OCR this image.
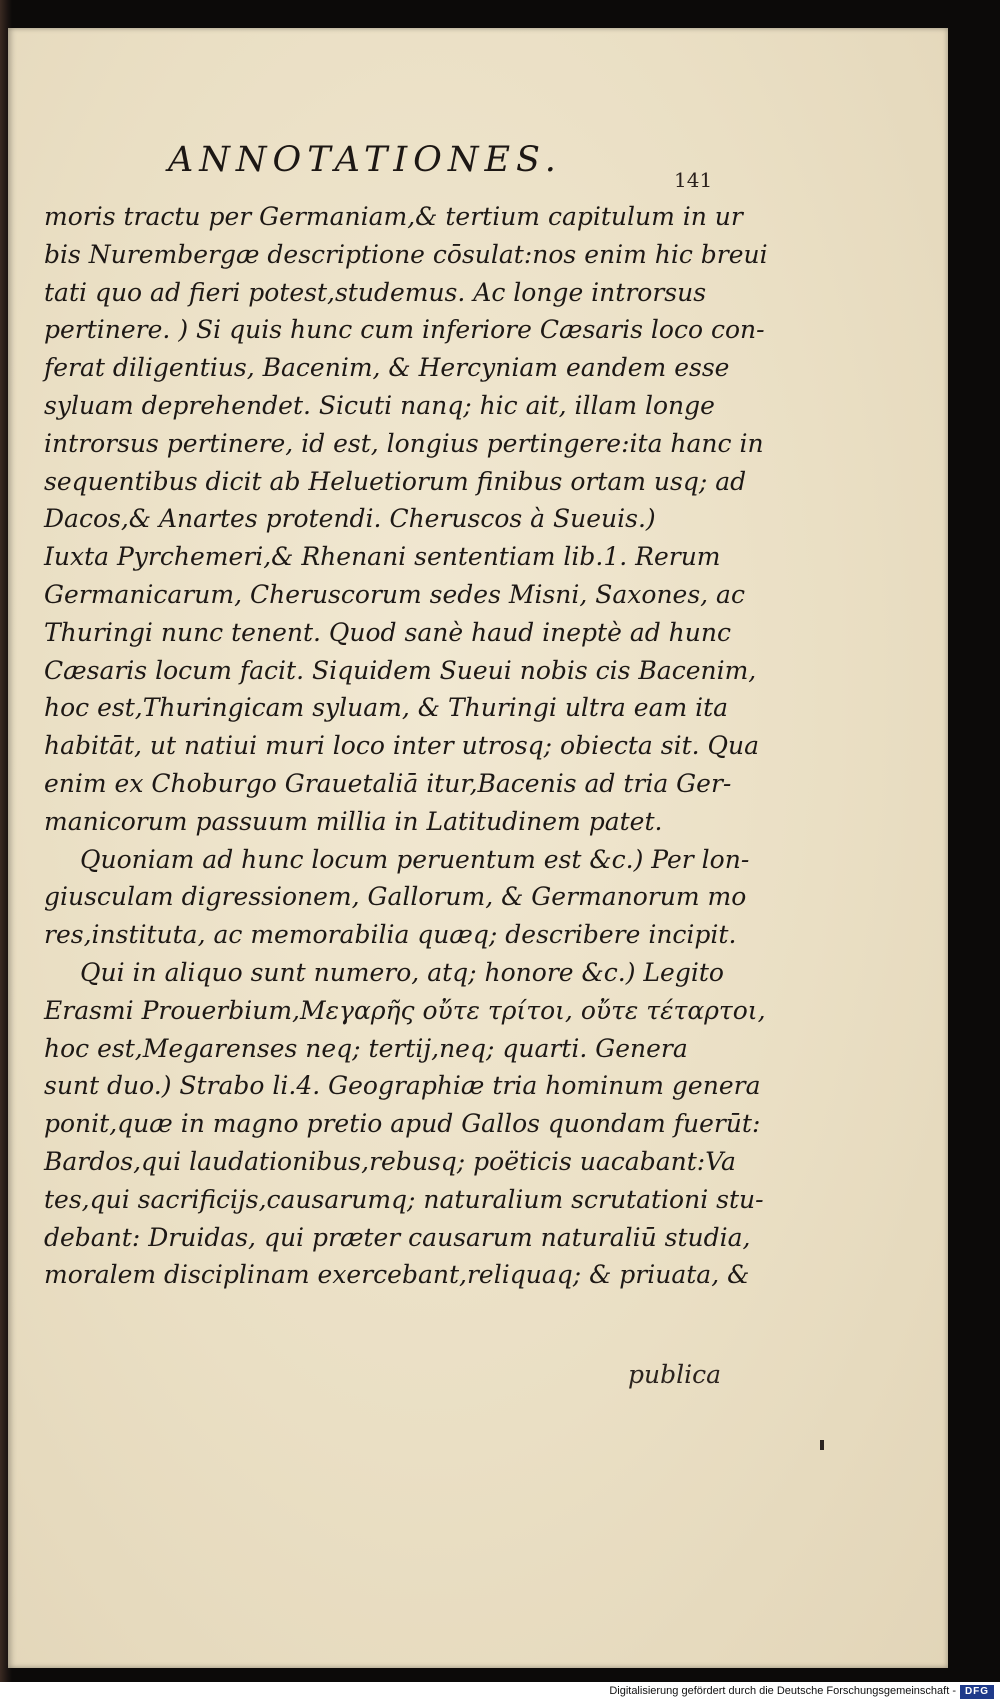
ANNOTATIONES.	141
moris tractu per Germaniam,& tertium capitulum in ur
bis Nurembergæ descriptione cōsulat:nos enim hic breui
tati quo ad fieri potest,studemus. Ac longe introrsus
pertinere. ) Si quis hunc cum inferiore Cæsaris loco con-
ferat diligentius, Bacenim, & Hercyniam eandem esse
syluam deprehendet. Sicuti nanq; hic ait, illam longe
introrsus pertinere, id est, longius pertingere:ita hanc in
sequentibus dicit ab Heluetiorum finibus ortam usq; ad
Dacos,& Anartes protendi. Cheruscos à Sueuis.)
Iuxta Pyrchemeri,& Rhenani sententiam lib.1. Rerum
Germanicarum, Cheruscorum sedes Misni, Saxones, ac
Thuringi nunc tenent. Quod sanè haud ineptè ad hunc
Cæsaris locum facit. Siquidem Sueui nobis cis Bacenim,
hoc est,Thuringicam syluam, & Thuringi ultra eam ita
habitāt, ut natiui muri loco inter utrosq; obiecta sit. Qua
enim ex Choburgo Grauetaliā itur,Bacenis ad tria Ger-
manicorum passuum millia in Latitudinem patet.
Quoniam ad hunc locum peruentum est &c.) Per lon-
giusculam digressionem, Gallorum, & Germanorum mo
res,instituta, ac memorabilia quæq; describere incipit.
Qui in aliquo sunt numero, atq; honore &c.) Legito
Erasmi Prouerbium,Μεγαρῆς οὔτε τρίτοι, οὔτε τέταρτοι,
hoc est,Megarenses neq; tertij,neq; quarti. Genera
sunt duo.) Strabo li.4. Geographiæ tria hominum genera
ponit,quæ in magno pretio apud Gallos quondam fuerūt:
Bardos,qui laudationibus,rebusq; poëticis uacabant:Va
tes,qui sacrificijs,causarumq; naturalium scrutationi stu-
debant: Druidas, qui præter causarum naturaliū studia,
moralem disciplinam exercebant,reliquaq; & priuata, &
publica
Digitalisierung gefördert durch die Deutsche Forschungsgemeinschaft - DFG
